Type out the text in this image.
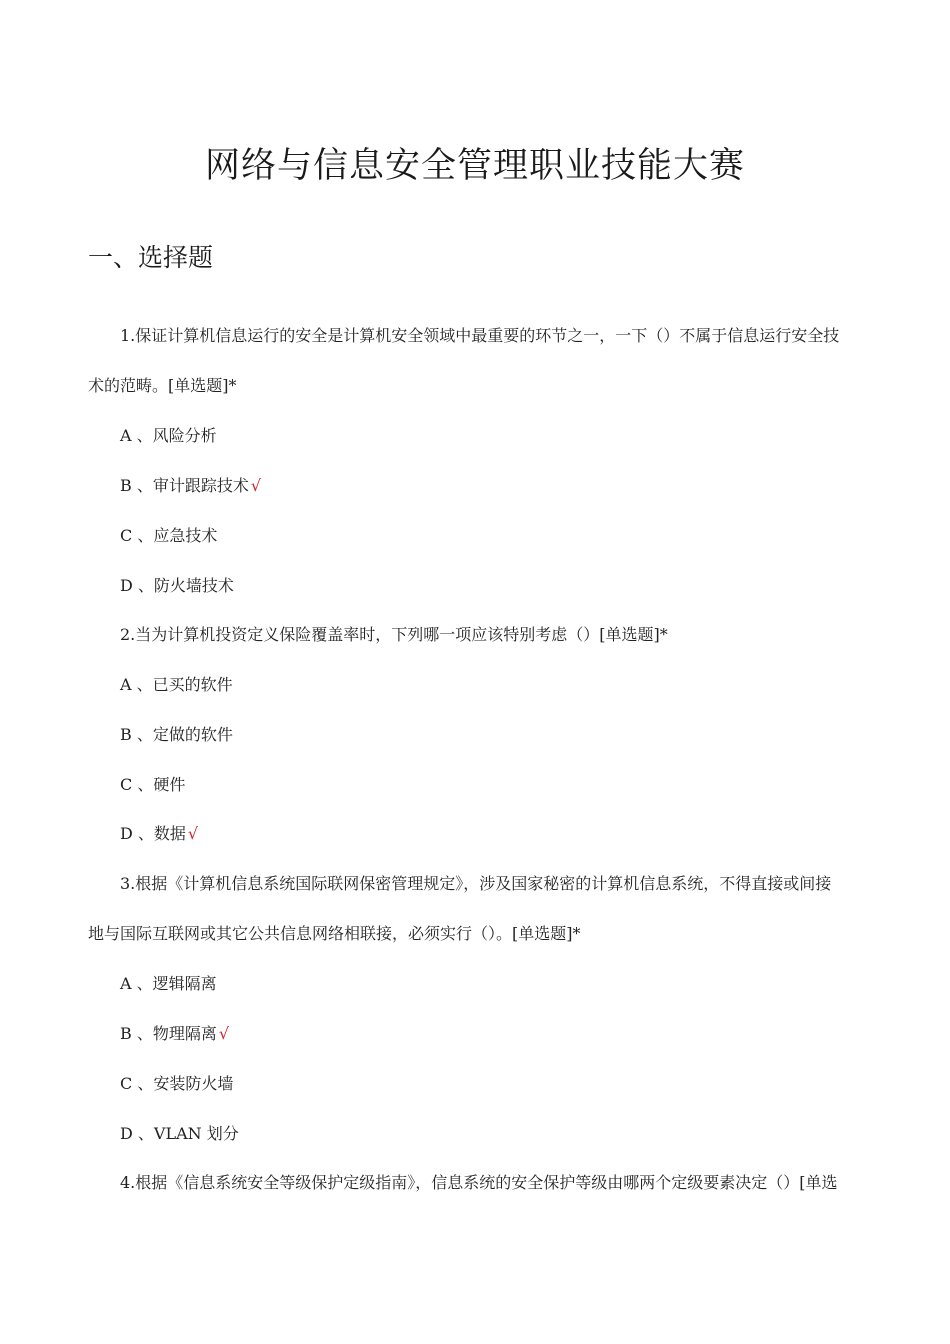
网络与信息安全管理职业技能大赛
一、选择题
1.保证计算机信息运行的安全是计算机安全领域中最重要的环节之一，一下（）不属于信息运行安全技
术的范畴。[单选题]*
A 、风险分析
B 、审计跟踪技术 √
C 、应急技术
D 、防火墙技术
2.当为计算机投资定义保险覆盖率时，下列哪一项应该特别考虑（）[单选题]*
A 、已买的软件
B 、定做的软件
C 、硬件
D 、数据 √
3.根据《计算机信息系统国际联网保密管理规定》，涉及国家秘密的计算机信息系统，不得直接或间接
地与国际互联网或其它公共信息网络相联接，必须实行（）。[单选题]*
A 、逻辑隔离
B 、物理隔离 √
C 、安装防火墙
D 、VLAN 划分
4.根据《信息系统安全等级保护定级指南》，信息系统的安全保护等级由哪两个定级要素决定（）[单选
